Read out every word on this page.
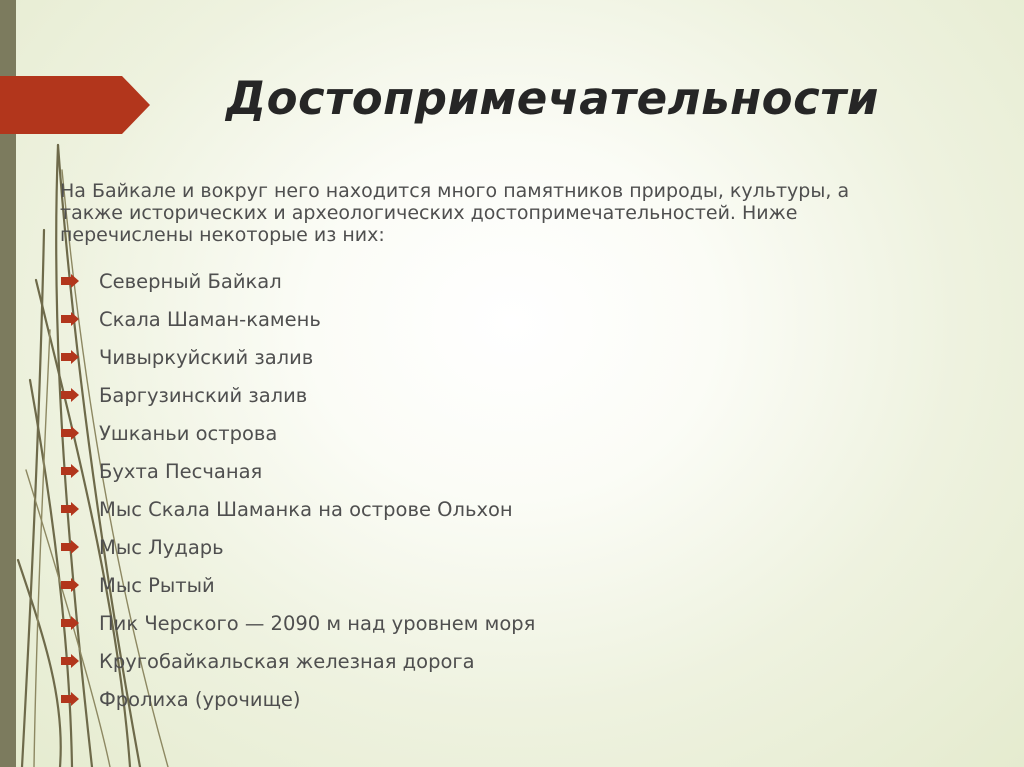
Достопримечательности

На Байкале и вокруг него находится много памятников природы, культуры, а также исторических и археологических достопримечательностей. Ниже перечислены некоторые из них:

Северный Байкал
Скала Шаман-камень
Чивыркуйский залив
Баргузинский залив
Ушканьи острова
Бухта Песчаная
Мыс Скала Шаманка на острове Ольхон
Мыс Лударь
Мыс Рытый
Пик Черского — 2090 м над уровнем моря
Кругобайкальская железная дорога
Фролиха (урочище)
